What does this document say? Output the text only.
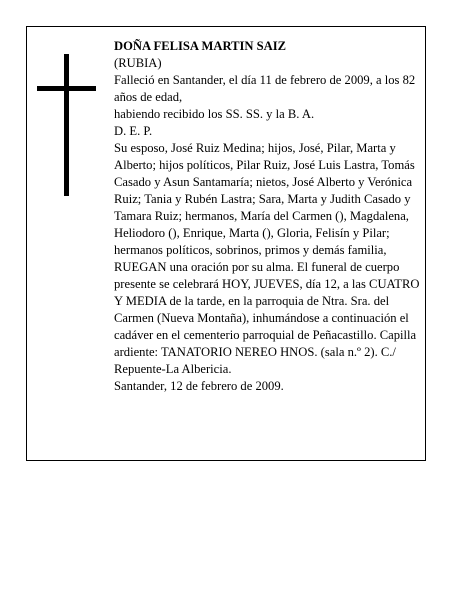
DOÑA FELISA MARTIN SAIZ

(RUBIA)

Falleció en Santander, el día 11 de febrero de 2009, a los 82 años de edad,

habiendo recibido los SS. SS. y la B. A.

D. E. P.

Su esposo, José Ruiz Medina; hijos, José, Pilar, Marta y Alberto; hijos políticos, Pilar Ruiz, José Luis Lastra, Tomás Casado y Asun Santamaría; nietos, José Alberto y Verónica Ruiz; Tania y Rubén Lastra; Sara, Marta y Judith Casado y Tamara Ruiz; hermanos, María del Carmen (), Magdalena, Heliodoro (), Enrique, Marta (), Gloria, Felisín y Pilar; hermanos políticos, sobrinos, primos y demás familia,

RUEGAN una oración por su alma. El funeral de cuerpo presente se celebrará HOY, JUEVES, día 12, a las CUATRO Y MEDIA de la tarde, en la parroquia de Ntra. Sra. del Carmen (Nueva Montaña), inhumándose a continuación el cadáver en el cementerio parroquial de Peñacastillo. Capilla ardiente: TANATORIO NEREO HNOS. (sala n.º 2). C./ Repuente-La Albericia.

Santander, 12 de febrero de 2009.
